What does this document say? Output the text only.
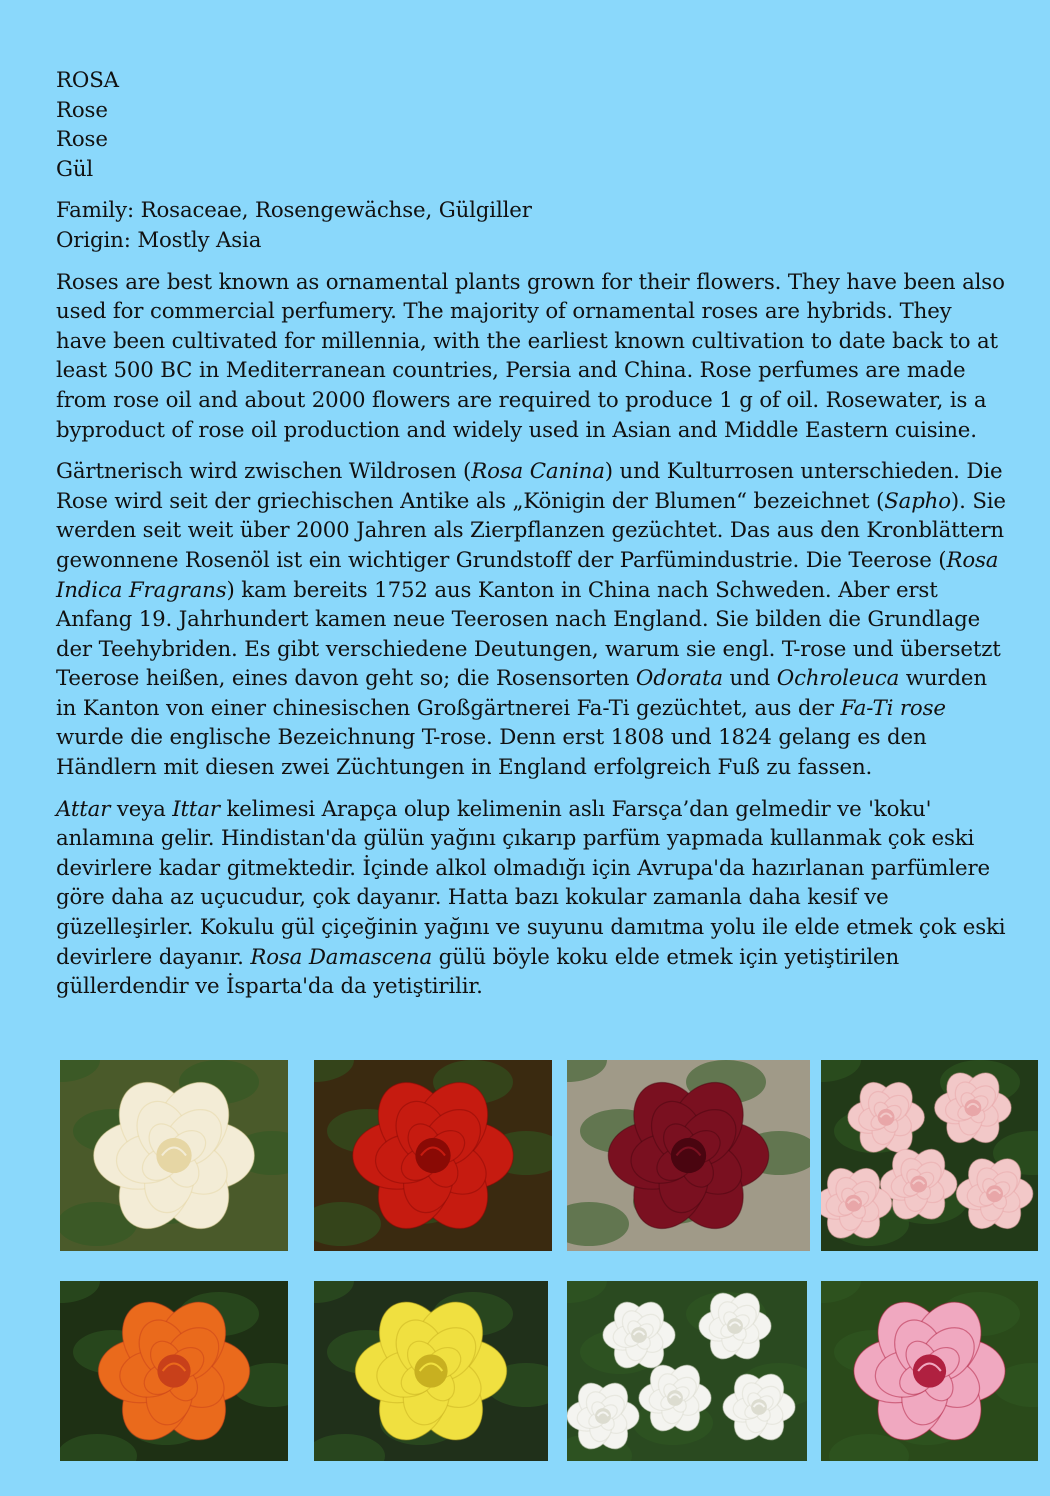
ROSA
Rose
Rose
Gül
Family: Rosaceae, Rosengewächse, Gülgiller
Origin: Mostly Asia

Roses are best known as ornamental plants grown for their flowers. They have been also used for commercial perfumery. The majority of ornamental roses are hybrids. They have been cultivated for millennia, with the earliest known cultivation to date back to at least 500 BC in Mediterranean countries, Persia and China. Rose perfumes are made from rose oil and about 2000 flowers are required to produce 1 g of oil. Rosewater, is a byproduct of rose oil production and widely used in Asian and Middle Eastern cuisine.

Gärtnerisch wird zwischen Wildrosen (Rosa Canina) und Kulturrosen unterschieden. Die Rose wird seit der griechischen Antike als „Königin der Blumen“ bezeichnet (Sapho). Sie werden seit weit über 2000 Jahren als Zierpflanzen gezüchtet. Das aus den Kronblättern gewonnene Rosenöl ist ein wichtiger Grundstoff der Parfümindustrie. Die Teerose (Rosa Indica Fragrans) kam bereits 1752 aus Kanton in China nach Schweden. Aber erst Anfang 19. Jahrhundert kamen neue Teerosen nach England. Sie bilden die Grundlage der Teehybriden. Es gibt verschiedene Deutungen, warum sie engl. T-rose und übersetzt Teerose heißen, eines davon geht so; die Rosensorten Odorata und Ochroleuca wurden in Kanton von einer chinesischen Großgärtnerei Fa-Ti gezüchtet, aus der Fa-Ti rose wurde die englische Bezeichnung T-rose. Denn erst 1808 und 1824 gelang es den Händlern mit diesen zwei Züchtungen in England erfolgreich Fuß zu fassen.

Attar veya Ittar kelimesi Arapça olup kelimenin aslı Farsça’dan gelmedir ve 'koku' anlamına gelir. Hindistan'da gülün yağını çıkarıp parfüm yapmada kullanmak çok eski devirlere kadar gitmektedir. İçinde alkol olmadığı için Avrupa'da hazırlanan parfümlere göre daha az uçucudur, çok dayanır. Hatta bazı kokular zamanla daha kesif ve güzelleşirler. Kokulu gül çiçeğinin yağını ve suyunu damıtma yolu ile elde etmek çok eski devirlere dayanır. Rosa Damascena gülü böyle koku elde etmek için yetiştirilen güllerdendir ve İsparta'da da yetiştirilir.
